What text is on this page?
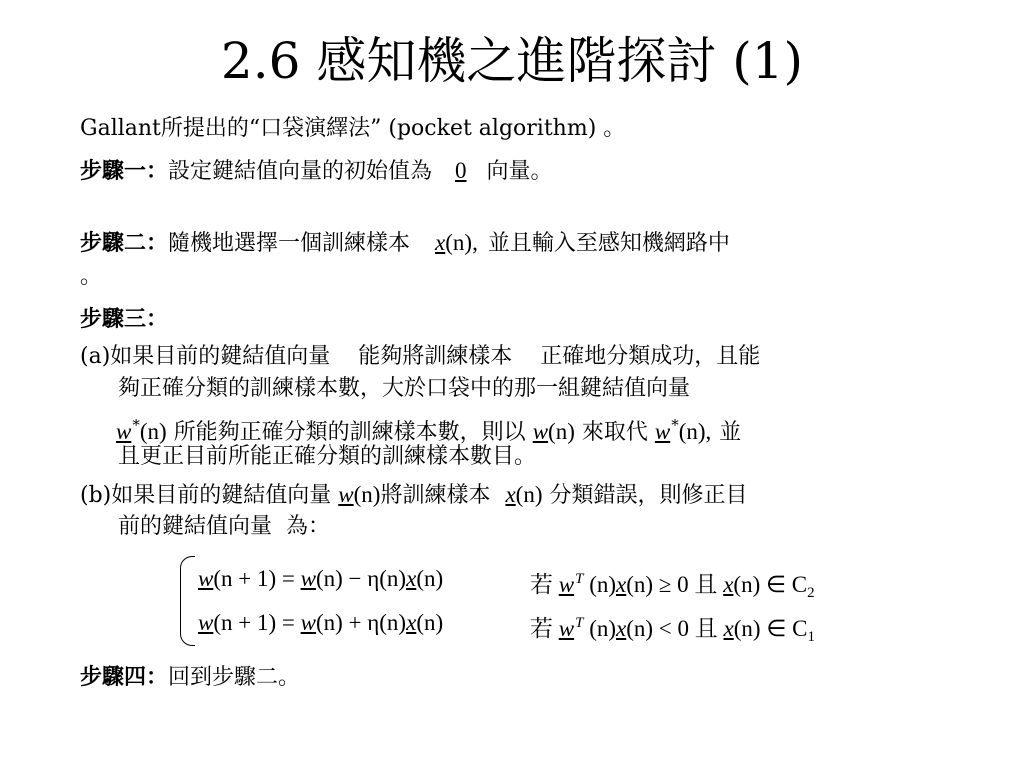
2.6 感知機之進階探討 (1)
Gallant所提出的“口袋演繹法” (pocket algorithm) 。
步驟一：設定鍵結值向量的初始值為 0 向量。
步驟二：隨機地選擇一個訓練樣本 x(n), 並且輸入至感知機網路中
。
步驟三：
(a)如果目前的鍵結值向量    能夠將訓練樣本    正確地分類成功，且能
夠正確分類的訓練樣本數，大於口袋中的那一組鍵結值向量
w*(n) 所能夠正確分類的訓練樣本數，則以 w(n) 來取代 w*(n), 並
且更正目前所能正確分類的訓練樣本數目。
(b)如果目前的鍵結值向量 w(n)將訓練樣本 x(n) 分類錯誤，則修正目
前的鍵結值向量  為：
w(n + 1) = w(n) − η(n)x(n)	若 $w^T$ (n)x(n) ≥ 0 且 x(n) ∈ $C_2$
w(n + 1) = w(n) + η(n)x(n)	若 $w^T$ (n)x(n) < 0 且 x(n) ∈ $C_1$
步驟四：回到步驟二。
